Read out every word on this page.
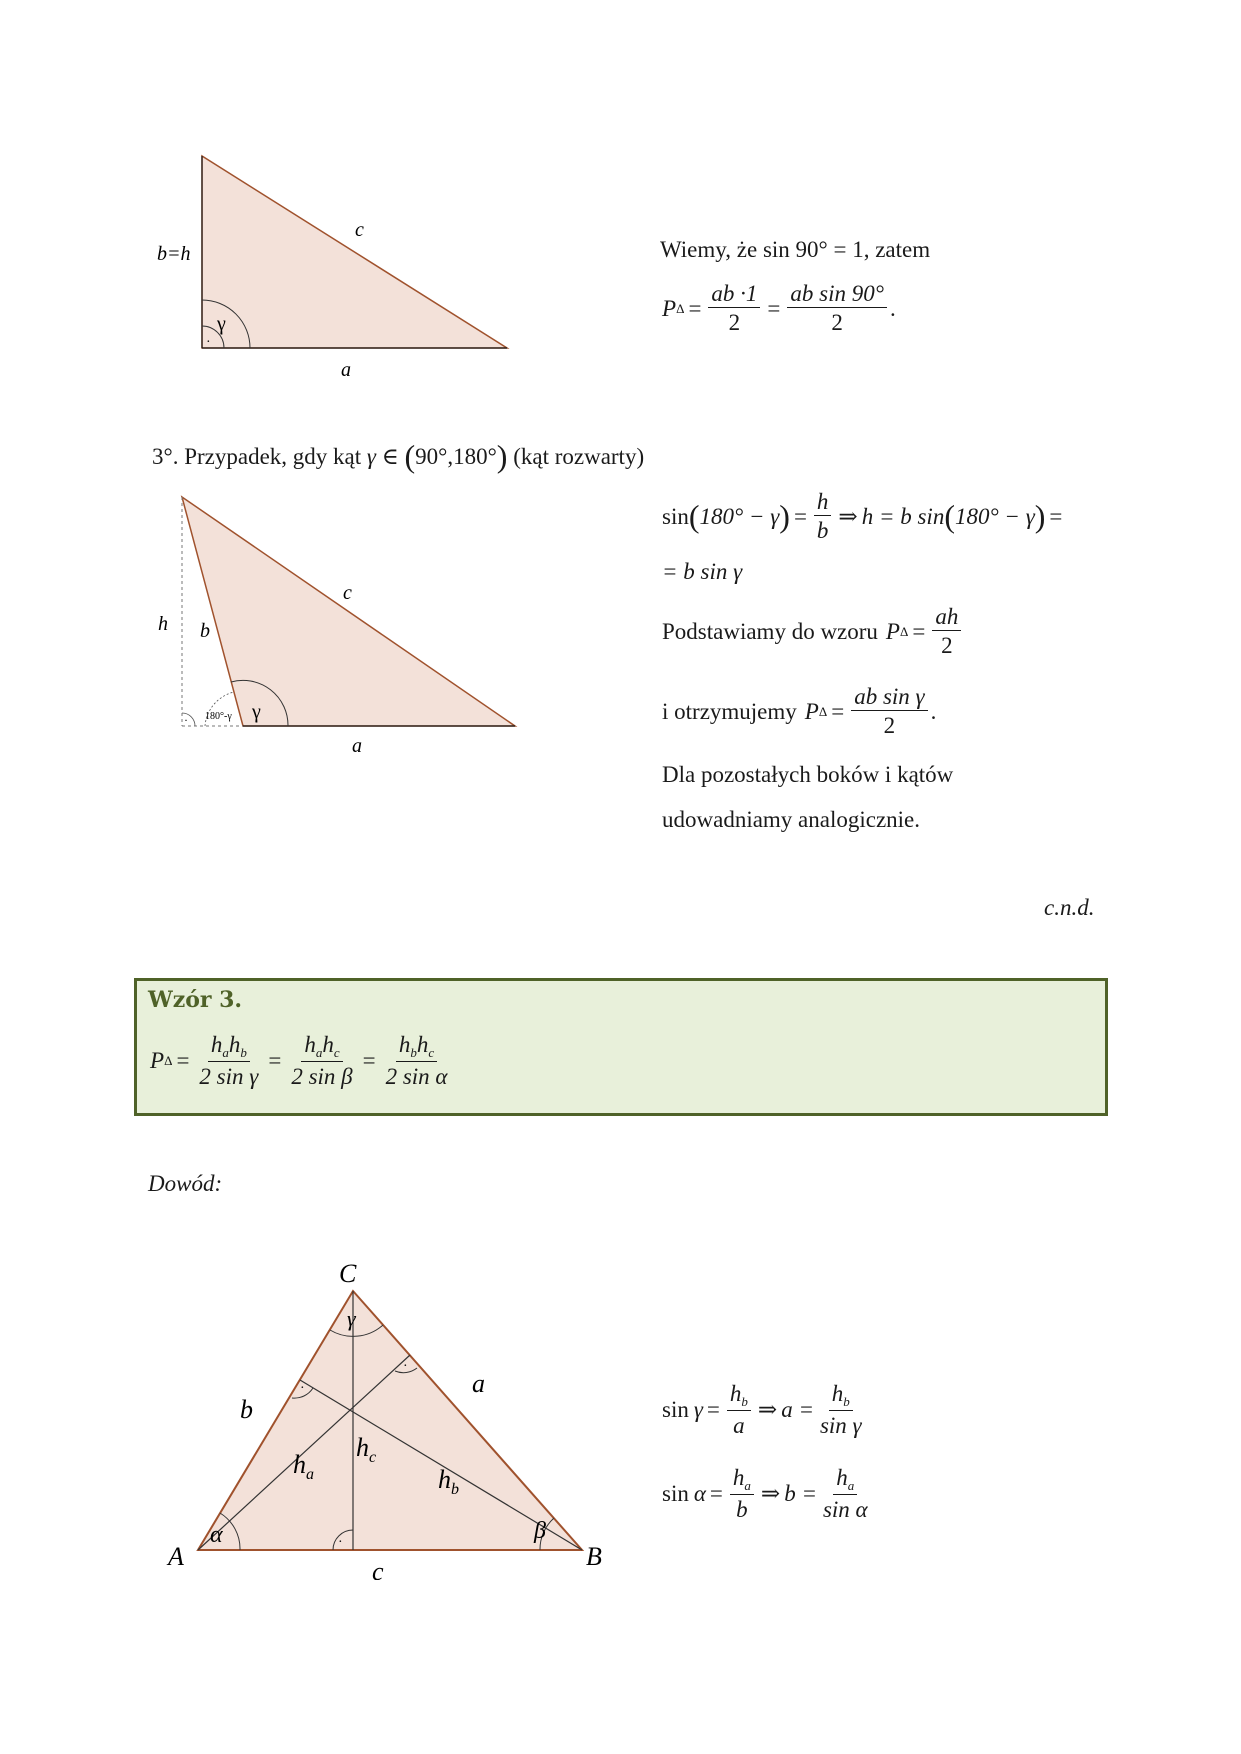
·
γ
b=h
c
a
Wiemy, że sin 90° = 1, zatem
P $\Delta = \frac{ab \cdot 1}{2} = \frac{\text{ab sin 90°}}{2}$ .
3°. Przypadek, gdy kąt γ ∈ (90°,180°) (kąt rozwarty)
· 180°-γ γ
h b
c
a
sin ( 180° − γ ) = $\frac{h}{b}$ ⇒ h = b sin ( 180° − γ ) =
= b sin γ
Podstawiamy do wzoru P $\Delta = \frac{ah}{2}$
i otrzymujemy P $\Delta = \frac{\text{ab sin γ}}{2}$ .
Dla pozostałych boków i kątów
udowadniamy analogicznie.
c.n.d.
Wzór 3.
P $\Delta = \frac{h_ah_b}{\text{2 sin γ}} = \frac{h_ah_c}{\text{2 sin β}} = \frac{h_bh_c}{\text{2 sin α}}$
Dowód:
·
·
·
α	β
γ
A	B
C
a
b
c
$h_a$
$h_c$
$h_b$
$\sin \gamma = \frac{h_b}{a}$ ⇒ $a = \frac{h_b}{\text{sin γ}}$
$\sin \alpha = \frac{h_a}{b}$ ⇒ $b = \frac{h_a}{\text{sin α}}$
